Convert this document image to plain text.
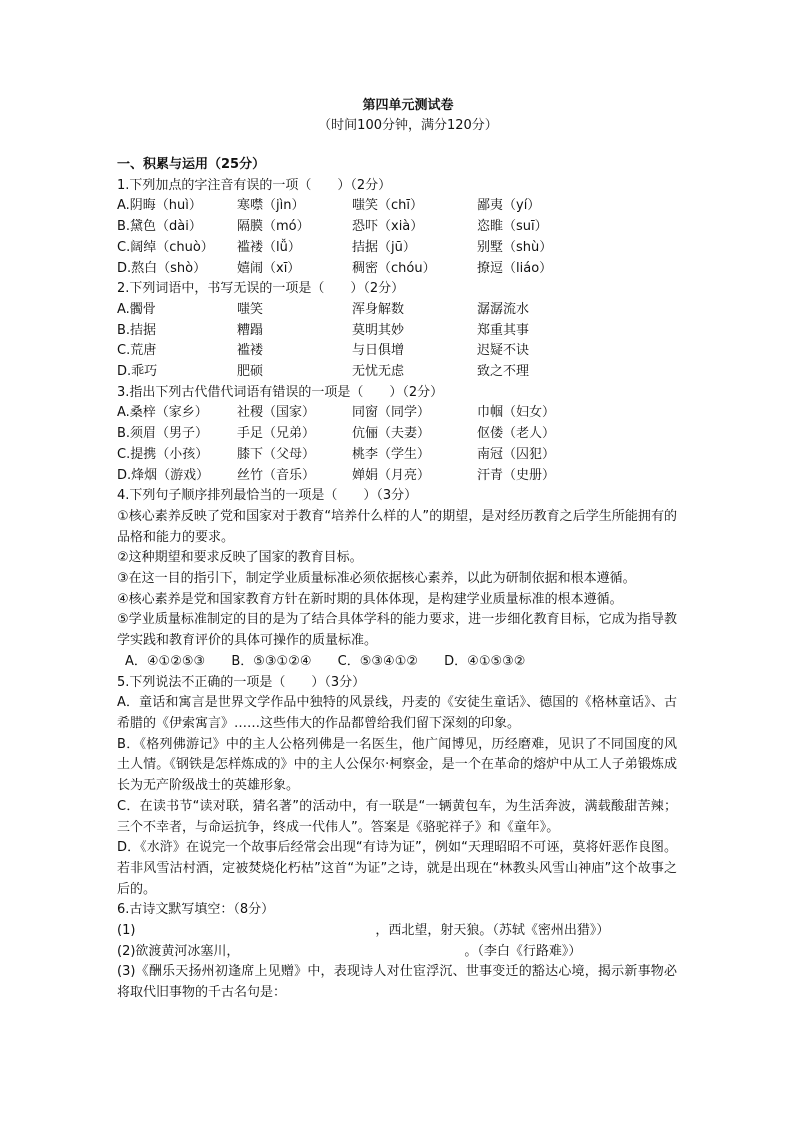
第四单元测试卷
（时间100分钟，满分120分）
一、积累与运用（25分）
1.下列加点的字注音有误的一项（　　）（2分）
A.阴晦（huì）	寒噤（jìn）	嗤笑（chī）	鄙夷（yí）
B.黛色（dài）	隔膜（mó）	恐吓（xià）	恣睢（suī）
C.阔绰（chuò）	褴褛（lǚ）	拮据（jū）	别墅（shù）
D.熬白（shò）	嬉闹（xī）	稠密（chóu）	撩逗（liáo）
2.下列词语中，书写无误的一项是（　　）（2分）
A.髑骨	嗤笑	浑身解数	潺潺流水
B.拮据	糟蹋	莫明其妙	郑重其事
C.荒唐	褴褛	与日俱增	迟疑不诀
D.乖巧	肥硕	无忧无虑	致之不理
3.指出下列古代借代词语有错误的一项是（　　）（2分）
A.桑梓（家乡）	社稷（国家）	同窗（同学）	巾帼（妇女）
B.须眉（男子）	手足（兄弟）	伉俪（夫妻）	伛偻（老人）
C.提携（小孩）	膝下（父母）	桃李（学生）	南冠（囚犯）
D.烽烟（游戏）	丝竹（音乐）	婵娟（月亮）	汗青（史册）
4.下列句子顺序排列最恰当的一项是（　　）（3分）
①核心素养反映了党和国家对于教育“培养什么样的人”的期望，是对经历教育之后学生所能拥有的品格和能力的要求。
②这种期望和要求反映了国家的教育目标。
③在这一目的指引下，制定学业质量标准必须依据核心素养，以此为研制依据和根本遵循。
④核心素养是党和国家教育方针在新时期的具体体现，是构建学业质量标准的根本遵循。
⑤学业质量标准制定的目的是为了结合具体学科的能力要求，进一步细化教育目标，它成为指导教学实践和教育评价的具体可操作的质量标准。
A．④①②⑤③ B．⑤③①②④ C．⑤③④①② D．④①⑤③②
5.下列说法不正确的一项是（　　）（3分）
A．童话和寓言是世界文学作品中独特的风景线，丹麦的《安徒生童话》、德国的《格林童话》、古希腊的《伊索寓言》……这些伟大的作品都曾给我们留下深刻的印象。
B．《格列佛游记》中的主人公格列佛是一名医生，他广闻博见，历经磨难，见识了不同国度的风土人情。《钢铁是怎样炼成的》中的主人公保尔·柯察金，是一个在革命的熔炉中从工人子弟锻炼成长为无产阶级战士的英雄形象。
C．在读书节“读对联，猜名著”的活动中，有一联是“一辆黄包车，为生活奔波，满载酸甜苦辣；三个不幸者，与命运抗争，终成一代伟人”。答案是《骆驼祥子》和《童年》。
D．《水浒》在说完一个故事后经常会出现“有诗为证”，例如“天理昭昭不可诬，莫将奸恶作良图。若非风雪沽村酒，定被焚烧化朽枯”这首“为证”之诗，就是出现在“林教头风雪山神庙”这个故事之后的。
6.古诗文默写填空：（8分）
(1)	，西北望，射天狼。（苏轼《密州出猎》）
(2)欲渡黄河冰塞川，	。（李白《行路难》）
(3)《酬乐天扬州初逢席上见赠》中，表现诗人对仕宦浮沉、世事变迁的豁达心境，揭示新事物必将取代旧事物的千古名句是：
